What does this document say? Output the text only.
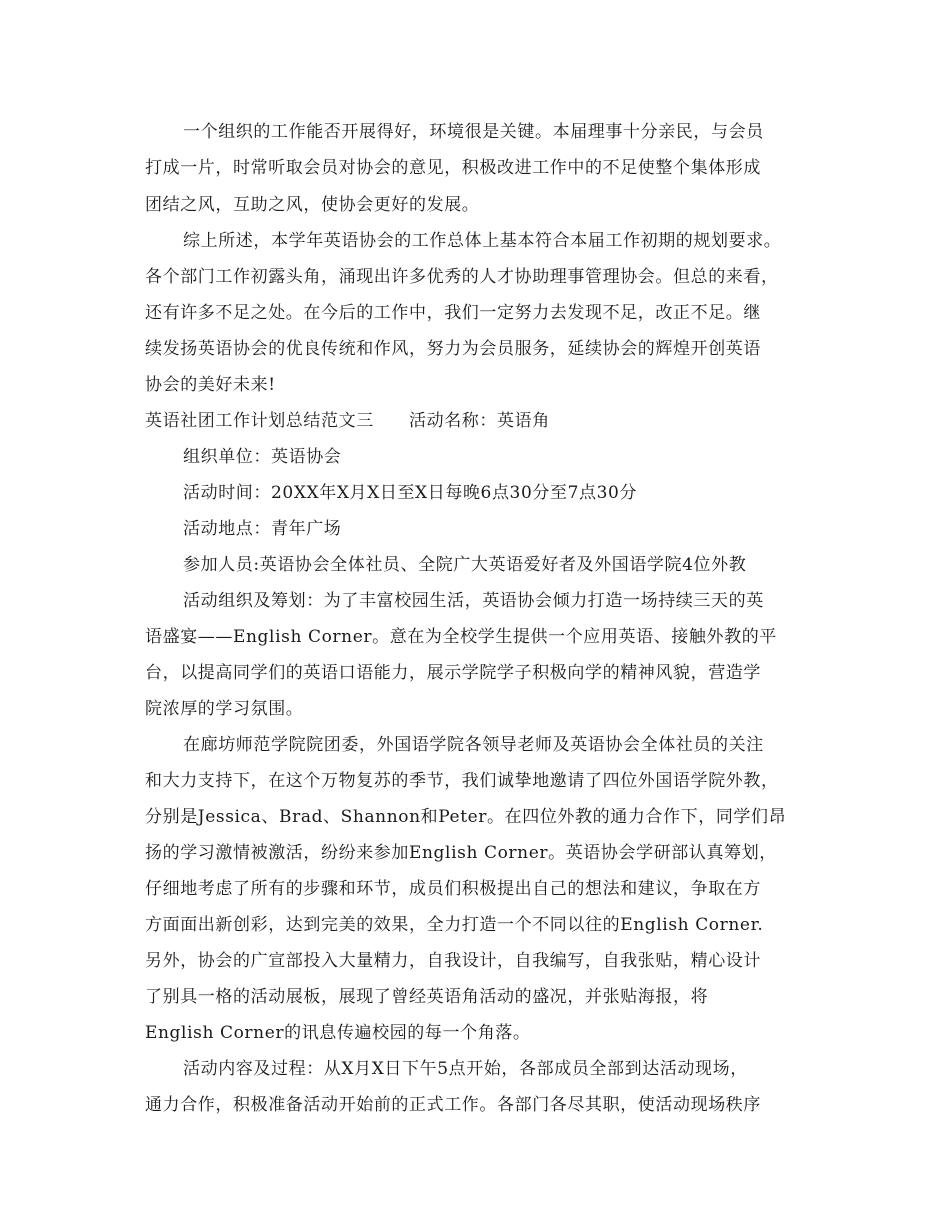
一个组织的工作能否开展得好，环境很是关键。本届理事十分亲民，与会员

打成一片，时常听取会员对协会的意见，积极改进工作中的不足使整个集体形成

团结之风，互助之风，使协会更好的发展。

综上所述，本学年英语协会的工作总体上基本符合本届工作初期的规划要求。

各个部门工作初露头角，涌现出许多优秀的人才协助理事管理协会。但总的来看，

还有许多不足之处。在今后的工作中，我们一定努力去发现不足，改正不足。继

续发扬英语协会的优良传统和作风，努力为会员服务，延续协会的辉煌开创英语

协会的美好未来!

英语社团工作计划总结范文三　　活动名称：英语角

组织单位：英语协会

活动时间：20XX年X月X日至X日每晚6点30分至7点30分

活动地点：青年广场

参加人员:英语协会全体社员、全院广大英语爱好者及外国语学院4位外教

活动组织及筹划：为了丰富校园生活，英语协会倾力打造一场持续三天的英

语盛宴——English Corner。意在为全校学生提供一个应用英语、接触外教的平

台，以提高同学们的英语口语能力，展示学院学子积极向学的精神风貌，营造学

院浓厚的学习氛围。

在廊坊师范学院院团委，外国语学院各领导老师及英语协会全体社员的关注

和大力支持下，在这个万物复苏的季节，我们诚挚地邀请了四位外国语学院外教，

分别是Jessica、Brad、Shannon和Peter。在四位外教的通力合作下，同学们昂

扬的学习激情被激活，纷纷来参加English Corner。英语协会学研部认真筹划，

仔细地考虑了所有的步骤和环节，成员们积极提出自己的想法和建议，争取在方

方面面出新创彩，达到完美的效果，全力打造一个不同以往的English Corner.

另外，协会的广宣部投入大量精力，自我设计，自我编写，自我张贴，精心设计

了别具一格的活动展板，展现了曾经英语角活动的盛况，并张贴海报，将

English Corner的讯息传遍校园的每一个角落。

活动内容及过程：从X月X日下午5点开始，各部成员全部到达活动现场，

通力合作，积极准备活动开始前的正式工作。各部门各尽其职，使活动现场秩序
